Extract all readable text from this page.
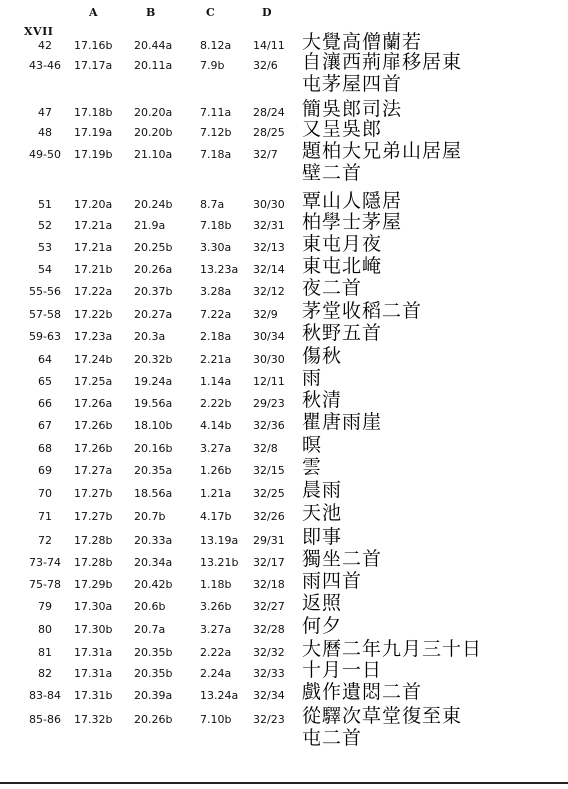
A	B	C	D
XVII
42	17.16b 20.44a	8.12a 14/11 大覺高僧蘭若
43-46	17.17a 20.11a	7.9b	32/6 自瀼西荊扉移居東
屯茅屋四首
47	17.18b 20.20a	7.11a 28/24 簡吳郎司法
48	17.19a 20.20b	7.12b 28/25 又呈吳郎
49-50	17.19b 21.10a	7.18a 32/7 題柏大兄弟山居屋
壁二首
51	17.20a 20.24b	8.7a	30/30 覃山人隱居
52	17.21a 21.9a	7.18b 32/31 柏學士茅屋
53	17.21a 20.25b	3.30a 32/13 東屯月夜
54	17.21b 20.26a	13.23a 32/14 東屯北崦
55-56	17.22a 20.37b	3.28a 32/12 夜二首
57-58	17.22b 20.27a	7.22a 32/9 茅堂收稻二首
59-63	17.23a 20.3a	2.18a 30/34 秋野五首
64	17.24b 20.32b	2.21a 30/30 傷秋
65	17.25a 19.24a	1.14a 12/11 雨
66	17.26a 19.56a	2.22b 29/23 秋清
67	17.26b 18.10b	4.14b 32/36 瞿唐雨崖
68	17.26b 20.16b	3.27a 32/8 暝
69	17.27a 20.35a	1.26b 32/15 雲
70	17.27b 18.56a	1.21a 32/25 晨雨
71	17.27b 20.7b	4.17b 32/26 天池
72	17.28b 20.33a	13.19a 29/31 即事
73-74	17.28b 20.34a	13.21b 32/17 獨坐二首
75-78	17.29b 20.42b	1.18b 32/18 雨四首
79	17.30a 20.6b	3.26b 32/27 返照
80	17.30b 20.7a	3.27a 32/28 何夕
81	17.31a 20.35b	2.22a 32/32 大曆二年九月三十日
82	17.31a 20.35b	2.24a 32/33 十月一日
83-84	17.31b 20.39a	13.24a 32/34 戲作遺悶二首
85-86	17.32b 20.26b	7.10b 32/23 從驛次草堂復至東
屯二首
